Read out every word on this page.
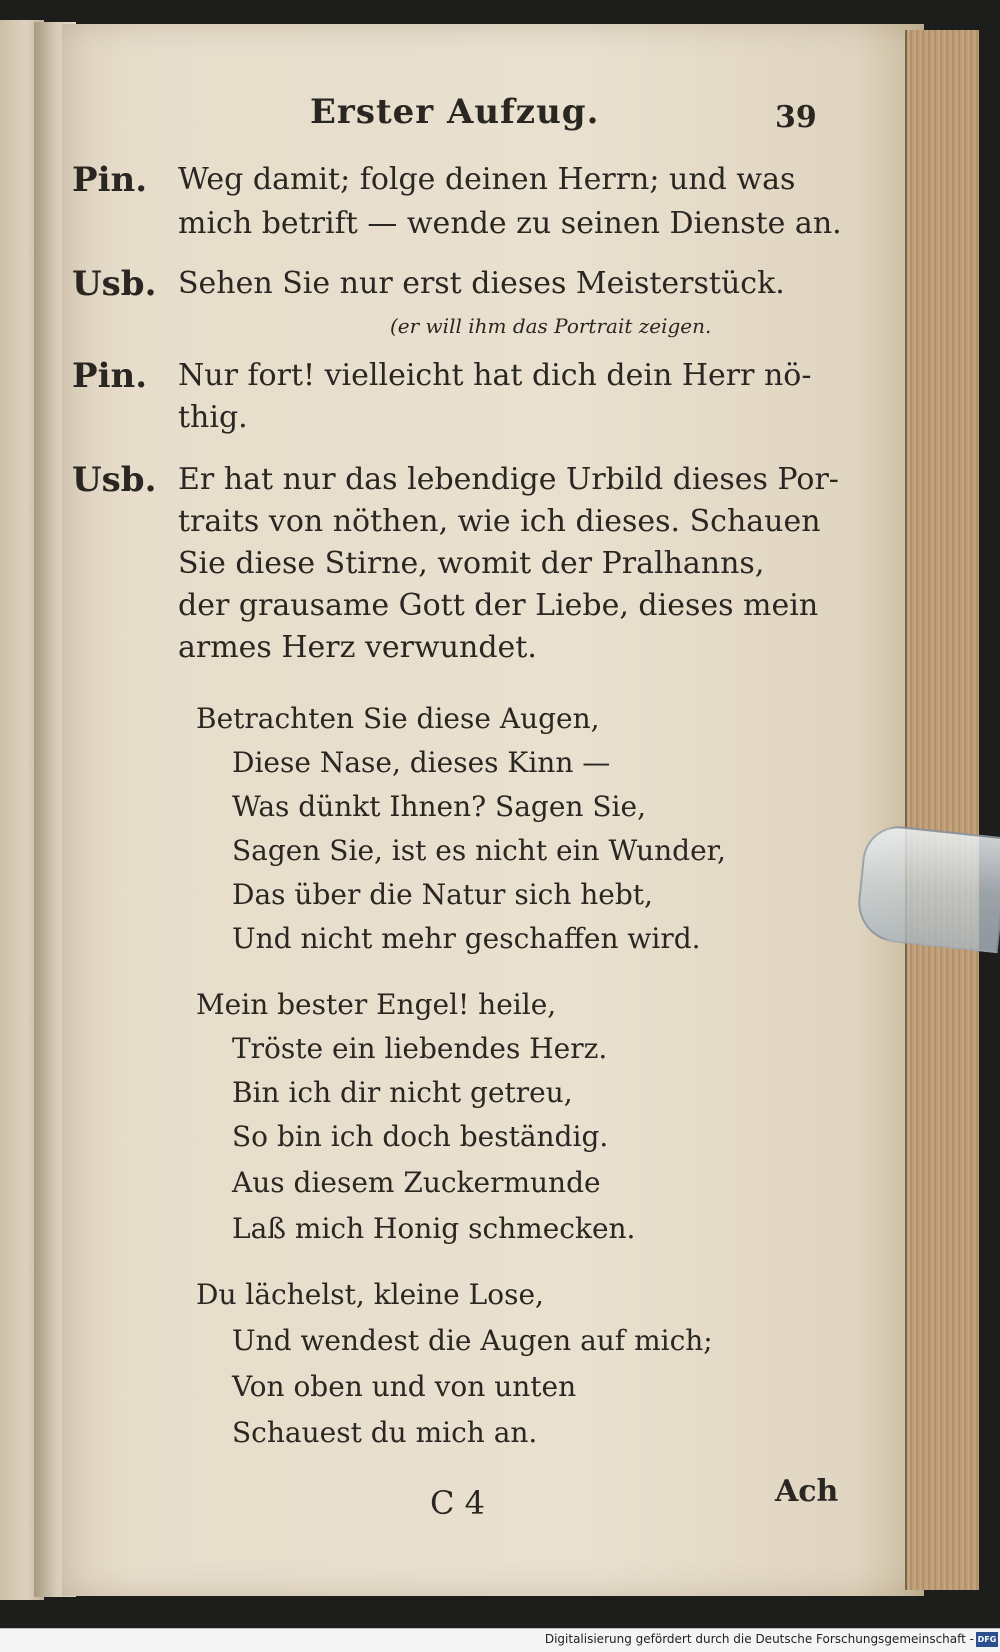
Erster Aufzug.	39
Pin. Weg damit; folge deinen Herrn; und was
mich betrift — wende zu seinen Dienste an.
Usb. Sehen Sie nur erst dieses Meisterstück.
(er will ihm das Portrait zeigen.
Pin. Nur fort! vielleicht hat dich dein Herr nö-
thig.
Usb. Er hat nur das lebendige Urbild dieses Por-
traits von nöthen, wie ich dieses. Schauen
Sie diese Stirne, womit der Pralhanns,
der grausame Gott der Liebe, dieses mein
armes Herz verwundet.
Betrachten Sie diese Augen,
Diese Nase, dieses Kinn —
Was dünkt Ihnen? Sagen Sie,
Sagen Sie, ist es nicht ein Wunder,
Das über die Natur sich hebt,
Und nicht mehr geschaffen wird.
Mein bester Engel! heile,
Tröste ein liebendes Herz.
Bin ich dir nicht getreu,
So bin ich doch beständig.
Aus diesem Zuckermunde
Laß mich Honig schmecken.
Du lächelst, kleine Lose,
Und wendest die Augen auf mich;
Von oben und von unten
Schauest du mich an.
C 4	Ach
Digitalisierung gefördert durch die Deutsche Forschungsgemeinschaft - DFG
